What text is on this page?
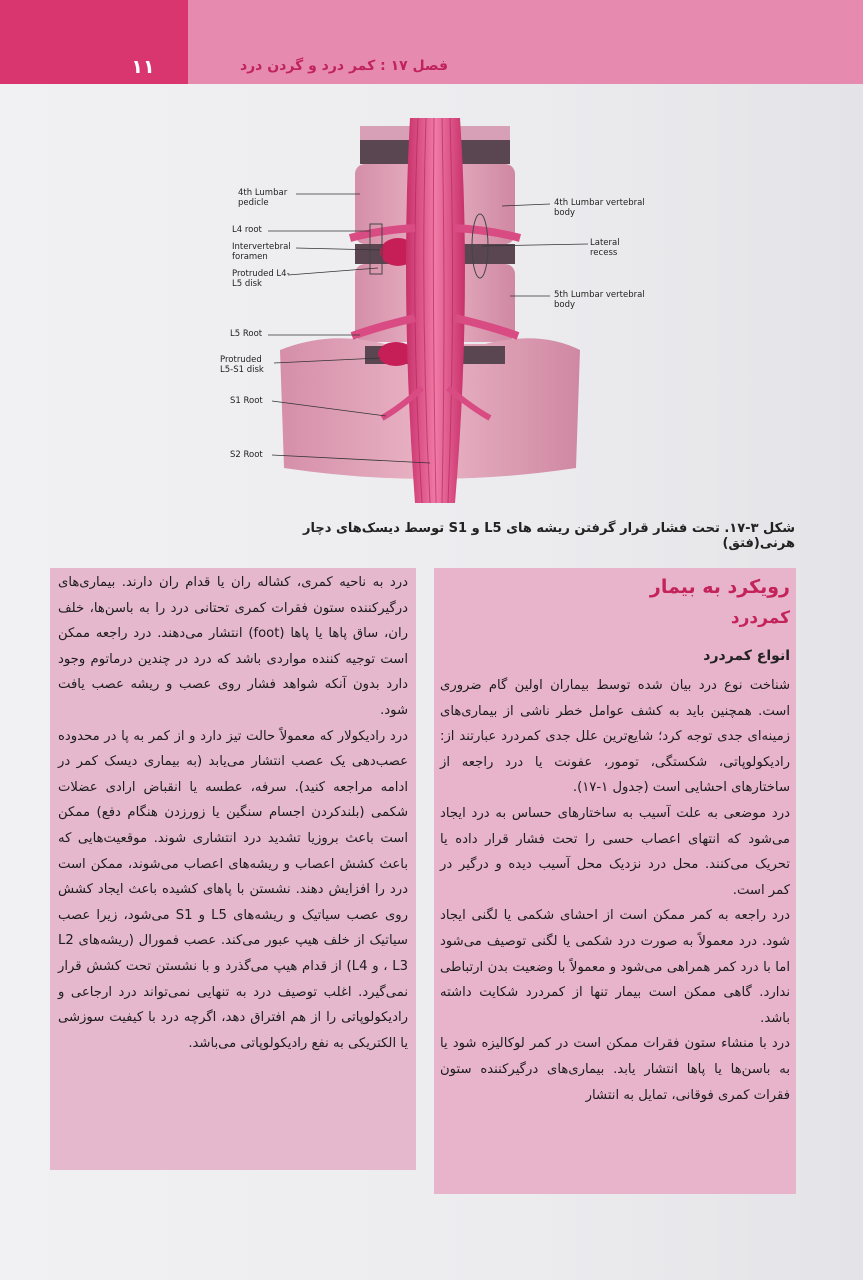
۱۱	فصل ۱۷ : کمر درد و گردن درد
4th Lumbar pedicle
L4 root
Intervertebral foramen
Protruded L4-L5 disk
L5 Root
Protruded L5-S1 disk
S1 Root
S2 Root
4th Lumbar vertebral body
Lateral recess
5th Lumbar vertebral body
شکل ۳-۱۷. تحت فشار قرار گرفتن ریشه های L5 و S1 توسط دیسک‌های دچار هرنی(فتق)
رویکرد به بیمار
کمردرد
انواع کمردرد

شناخت نوع درد بیان شده توسط بیماران اولین گام ضروری است. همچنین باید به کشف عوامل خطر ناشی از بیماری‌های زمینه‌ای جدی توجه کرد؛ شایع‌ترین علل جدی کمردرد عبارتند از: رادیکولوپاتی، شکستگی، تومور، عفونت یا درد راجعه از ساختارهای احشایی است (جدول ۱-۱۷).

درد موضعی به علت آسیب به ساختارهای حساس به درد ایجاد می‌شود که انتهای اعصاب حسی را تحت فشار قرار داده یا تحریک می‌کنند. محل درد نزدیک محل آسیب دیده و درگیر در کمر است.

درد راجعه به کمر ممکن است از احشای شکمی یا لگنی ایجاد شود. درد معمولاً به صورت درد شکمی یا لگنی توصیف می‌شود اما با درد کمر همراهی می‌شود و معمولاً با وضعیت بدن ارتباطی ندارد. گاهی ممکن است بیمار تنها از کمردرد شکایت داشته باشد.

درد با منشاء ستون فقرات ممکن است در کمر لوکالیزه شود یا به باسن‌ها یا پاها انتشار یابد. بیماری‌های درگیرکننده ستون فقرات کمری فوقانی، تمایل به انتشار

درد به ناحیه کمری، کشاله ران یا قدام ران دارند. بیماری‌های درگیرکننده ستون فقرات کمری تحتانی درد را به باسن‌ها، خلف ران، ساق پاها یا پاها (foot) انتشار می‌دهند. درد راجعه ممکن است توجیه کننده مواردی باشد که درد در چندین درماتوم وجود دارد بدون آنکه شواهد فشار روی عصب و ریشه عصب یافت شود.

درد رادیکولار که معمولاً حالت تیز دارد و از کمر به پا در محدوده عصب‌دهی یک عصب انتشار می‌یابد (به بیماری دیسک کمر در ادامه مراجعه کنید). سرفه، عطسه یا انقباض ارادی عضلات شکمی (بلندکردن اجسام سنگین یا زورزدن هنگام دفع) ممکن است باعث بروزیا تشدید درد انتشاری شوند. موقعیت‌هایی که باعث کشش اعصاب و ریشه‌های اعصاب می‌شوند، ممکن است درد را افزایش دهند. نشستن با پاهای کشیده باعث ایجاد کشش روی عصب سیاتیک و ریشه‌های L5 و S1 می‌شود، زیرا عصب سیاتیک از خلف هیپ عبور می‌کند. عصب فمورال (ریشه‌های L2 ، L3 و L4) از قدام هیپ می‌گذرد و با نشستن تحت کشش قرار نمی‌گیرد. اغلب توصیف درد به تنهایی نمی‌تواند درد ارجاعی و رادیکولوپاتی را از هم افتراق دهد، اگرچه درد با کیفیت سوزشی یا الکتریکی به نفع رادیکولوپاتی می‌باشد.
